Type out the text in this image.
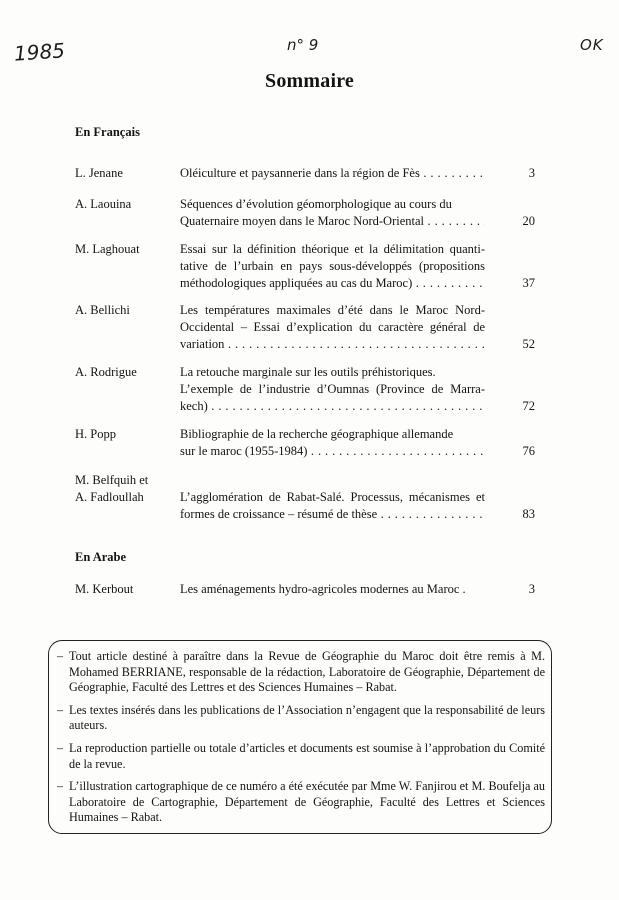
1985	n° 9	OK
Sommaire
En Français
L. Jenane	Oléiculture et paysannerie dans la région de Fès . . .	3
A. Laouina	Séquences d’évolution géomorphologique au cours du
Quaternaire moyen dans le Maroc Nord-Oriental . . .	20
M. Laghouat	Essai sur la définition théorique et la délimitation quanti-
tative de l’urbain en pays sous-développés (propositions
méthodologiques appliquées au cas du Maroc) . . .	37
A. Bellichi	Les températures maximales d’été dans le Maroc Nord-
Occidental – Essai d’explication du caractère général de
variation . . .	52
A. Rodrigue	La retouche marginale sur les outils préhistoriques.
L’exemple de l’industrie d’Oumnas (Province de Marra-
kech) . . .	72
H. Popp	Bibliographie de la recherche géographique allemande
sur le maroc (1955-1984) . . .	76
M. Belfquih et
A. Fadloullah	L’agglomération de Rabat-Salé. Processus, mécanismes et
formes de croissance – résumé de thèse . . .	83
En Arabe
M. Kerbout	Les aménagements hydro-agricoles modernes au Maroc .	3
– Tout article destiné à paraître dans la Revue de Géographie du Maroc doit être remis à M. Mohamed BERRIANE, responsable de la rédaction, Laboratoire de Géographie, Département de Géographie, Faculté des Lettres et des Sciences Humaines – Rabat.
– Les textes insérés dans les publications de l’Association n’engagent que la responsabilité de leurs auteurs.
– La reproduction partielle ou totale d’articles et documents est soumise à l’approbation du Comité de la revue.
– L’illustration cartographique de ce numéro a été exécutée par Mme W. Fanjirou et M. Boufelja au Laboratoire de Cartographie, Département de Géographie, Faculté des Lettres et Sciences Humaines – Rabat.
